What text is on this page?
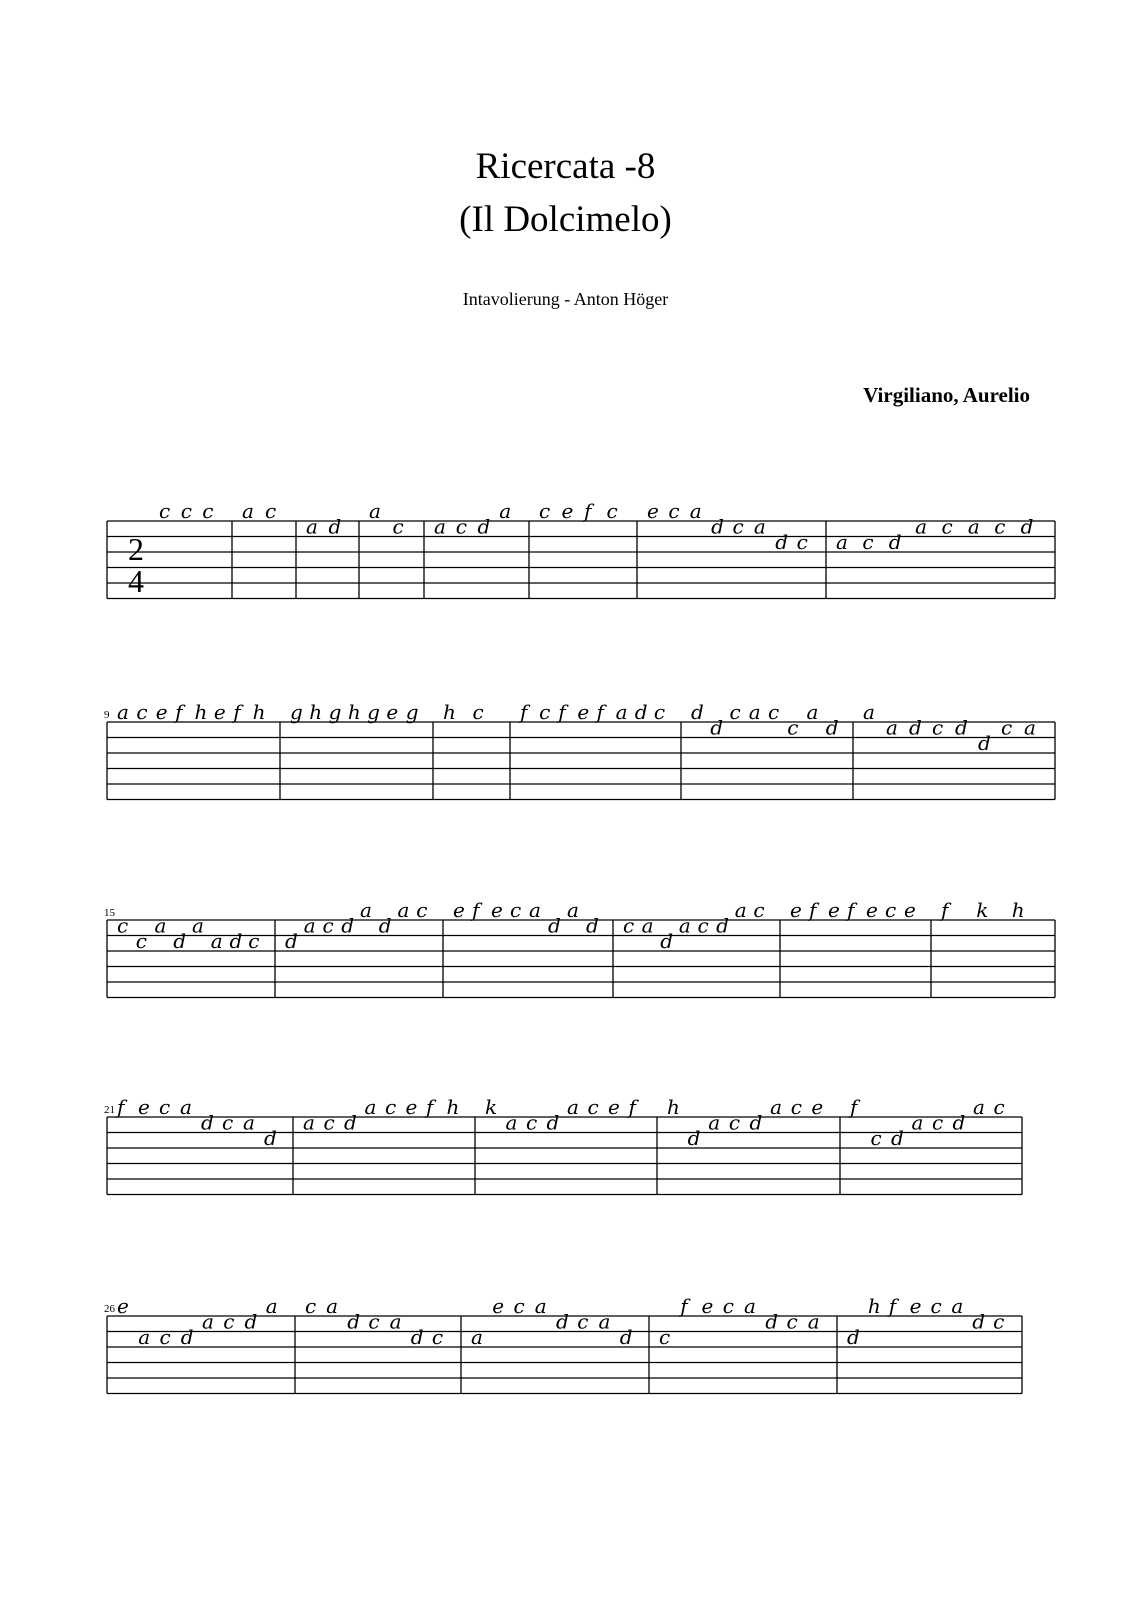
Ricercata -8
(Il Dolcimelo)
Intavolierung - Anton Höger
Virgiliano, Aurelio
2
4
c c c a c
a d
a
c a c d
a c e f c e c a
d c a
d c a c d
a c a c d
9 a c e f h e f h g h g h g e g h c f c f e f a d c d
d
c a c
c
a
d
a
a d c d
d
c a
15
c
c
a
d
a
a d c d
a c d
a
d
a c e f e c a
d
a
d c a
d
a c d
a c e f e f e c e f k h
21 f e c a
d c a
d
a c d
a c e f h k
a c d
a c e f h
d
a c d
a c e f
c d
a c d
a c
26 e
a c d
a c d
a c a
d c a
d c a
e c a
d c a
d c
f e c a
d c a
d
h f e c a
d c
